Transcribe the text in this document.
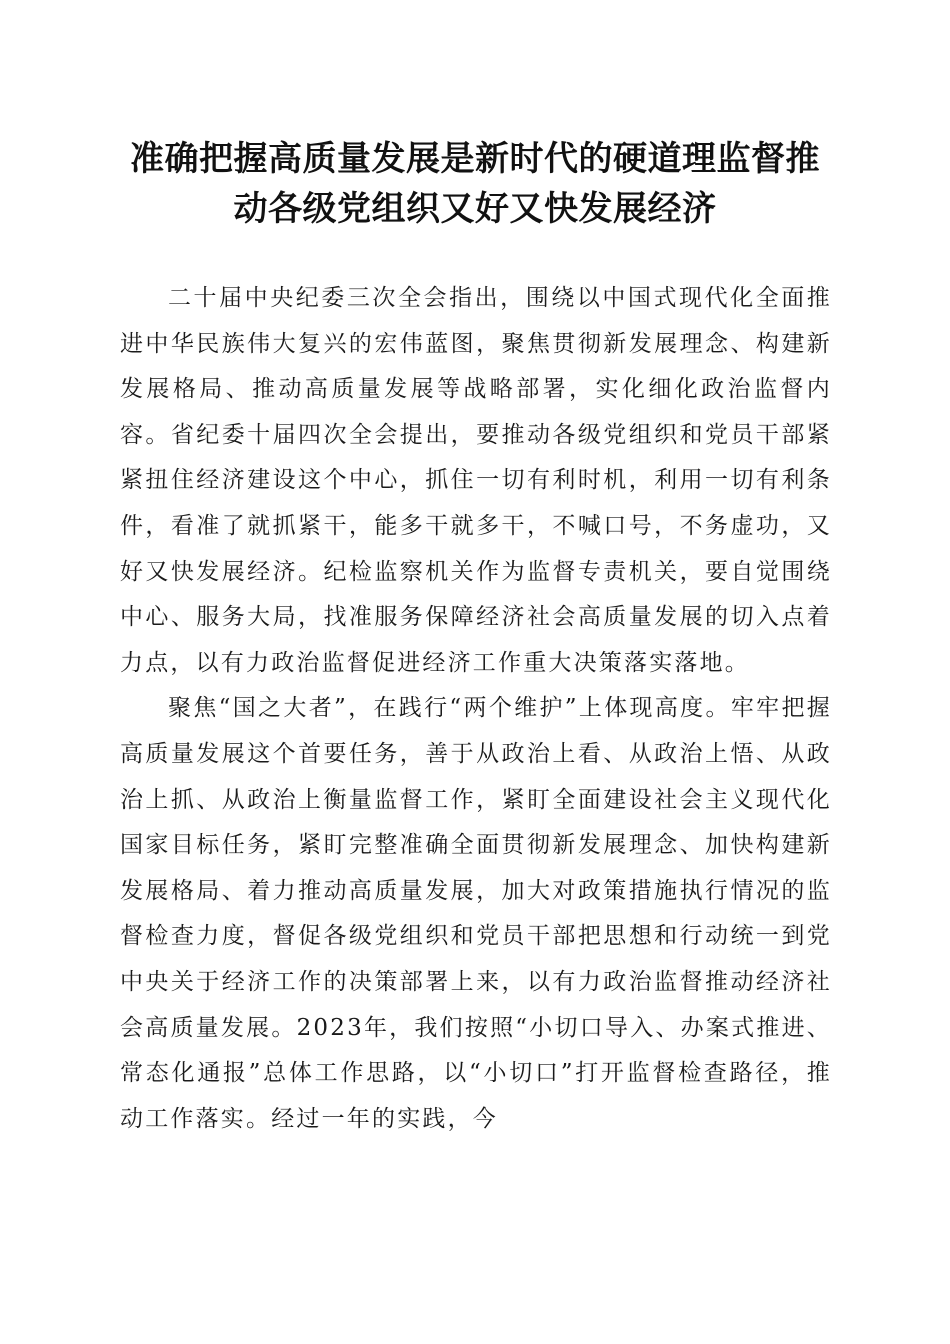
准确把握高质量发展是新时代的硬道理监督推
动各级党组织又好又快发展经济

二十届中央纪委三次全会指出，围绕以中国式现代化全面推进中华民族伟大复兴的宏伟蓝图，聚焦贯彻新发展理念、构建新发展格局、推动高质量发展等战略部署，实化细化政治监督内容。省纪委十届四次全会提出，要推动各级党组织和党员干部紧紧扭住经济建设这个中心，抓住一切有利时机，利用一切有利条件，看准了就抓紧干，能多干就多干，不喊口号，不务虚功，又好又快发展经济。纪检监察机关作为监督专责机关，要自觉围绕中心、服务大局，找准服务保障经济社会高质量发展的切入点着力点，以有力政治监督促进经济工作重大决策落实落地。

聚焦“国之大者”，在践行“两个维护”上体现高度。牢牢把握高质量发展这个首要任务，善于从政治上看、从政治上悟、从政治上抓、从政治上衡量监督工作，紧盯全面建设社会主义现代化国家目标任务，紧盯完整准确全面贯彻新发展理念、加快构建新发展格局、着力推动高质量发展，加大对政策措施执行情况的监督检查力度，督促各级党组织和党员干部把思想和行动统一到党中央关于经济工作的决策部署上来，以有力政治监督推动经济社会高质量发展。2023年，我们按照“小切口导入、办案式推进、常态化通报”总体工作思路，以“小切口”打开监督检查路径，推动工作落实。经过一年的实践，今
